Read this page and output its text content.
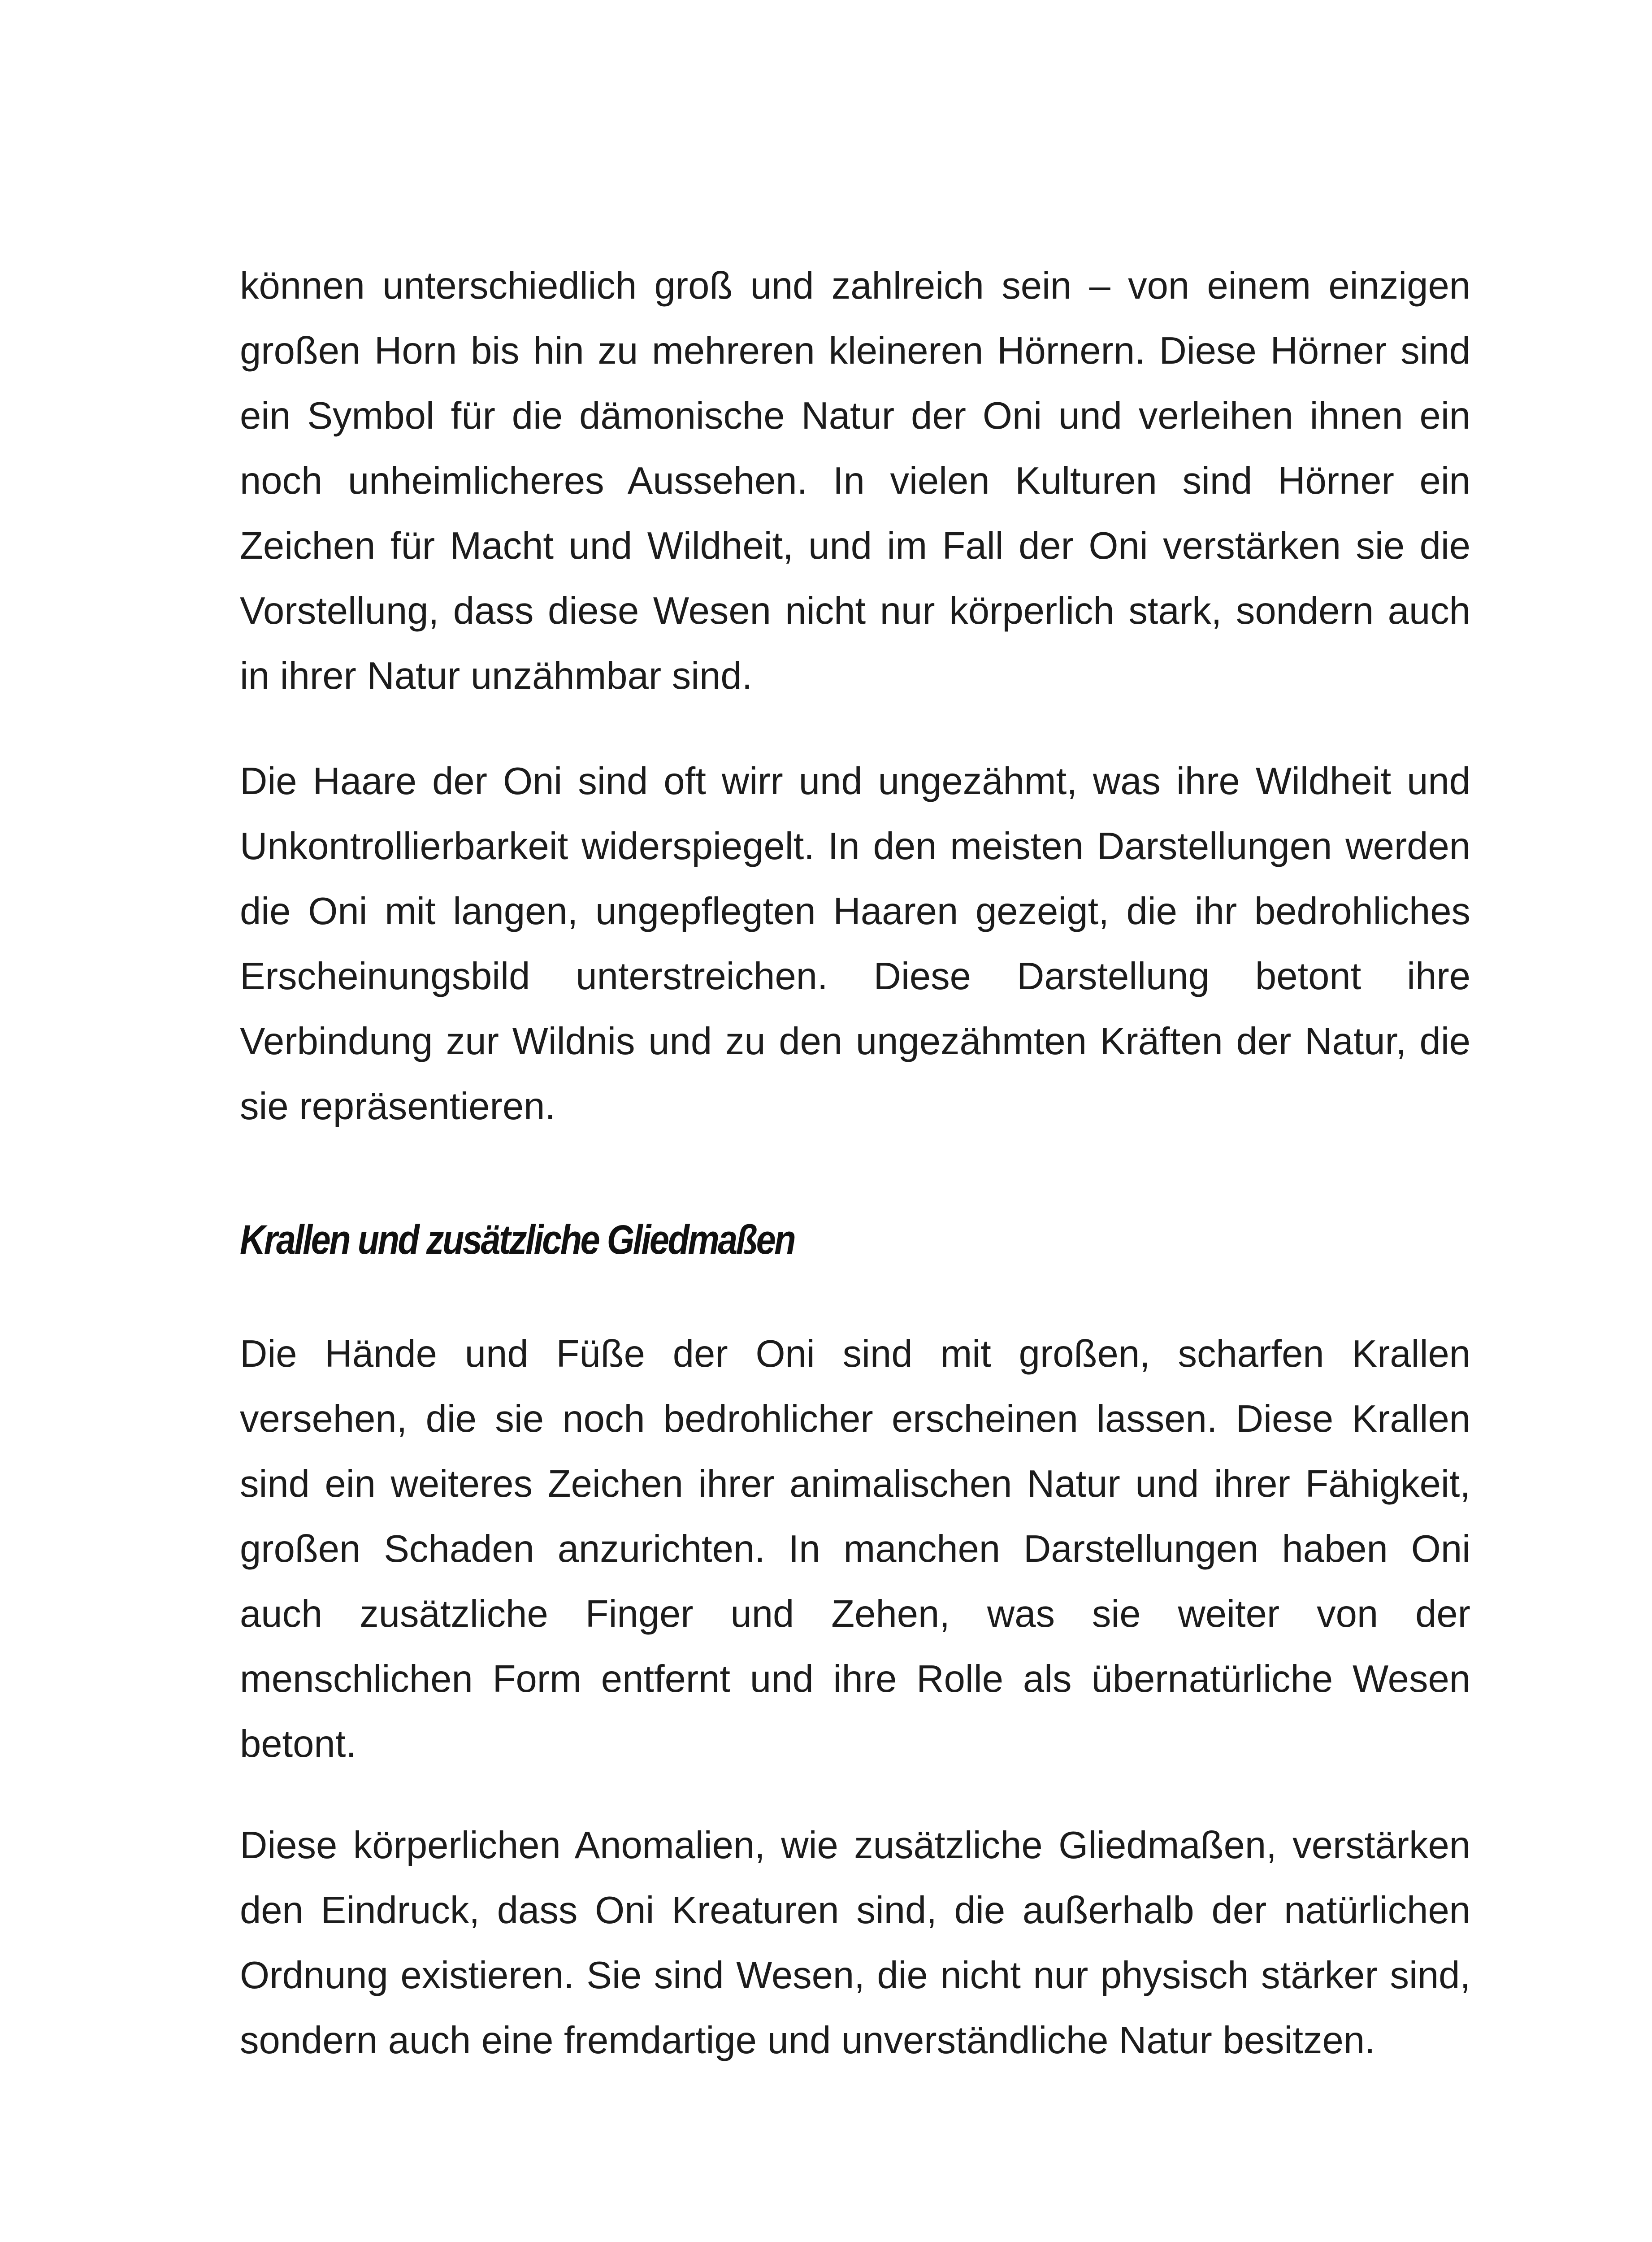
können unterschiedlich groß und zahlreich sein – von einem einzigen großen Horn bis hin zu mehreren kleineren Hörnern. Diese Hörner sind ein Symbol für die dämonische Natur der Oni und verleihen ihnen ein noch unheimlicheres Aussehen. In vielen Kulturen sind Hörner ein Zeichen für Macht und Wildheit, und im Fall der Oni verstärken sie die Vorstellung, dass diese Wesen nicht nur körperlich stark, sondern auch in ihrer Natur unzähmbar sind.

Die Haare der Oni sind oft wirr und ungezähmt, was ihre Wildheit und Unkontrollierbarkeit widerspiegelt. In den meisten Darstellungen werden die Oni mit langen, ungepflegten Haaren gezeigt, die ihr bedrohliches Erscheinungsbild unterstreichen. Diese Darstellung betont ihre Verbindung zur Wildnis und zu den ungezähmten Kräften der Natur, die sie repräsentieren.

Krallen und zusätzliche Gliedmaßen

Die Hände und Füße der Oni sind mit großen, scharfen Krallen versehen, die sie noch bedrohlicher erscheinen lassen. Diese Krallen sind ein weiteres Zeichen ihrer animalischen Natur und ihrer Fähigkeit, großen Schaden anzurichten. In manchen Darstellungen haben Oni auch zusätzliche Finger und Zehen, was sie weiter von der menschlichen Form entfernt und ihre Rolle als übernatürliche Wesen betont.

Diese körperlichen Anomalien, wie zusätzliche Gliedmaßen, verstärken den Eindruck, dass Oni Kreaturen sind, die außerhalb der natürlichen Ordnung existieren. Sie sind Wesen, die nicht nur physisch stärker sind, sondern auch eine fremdartige und unverständliche Natur besitzen.
